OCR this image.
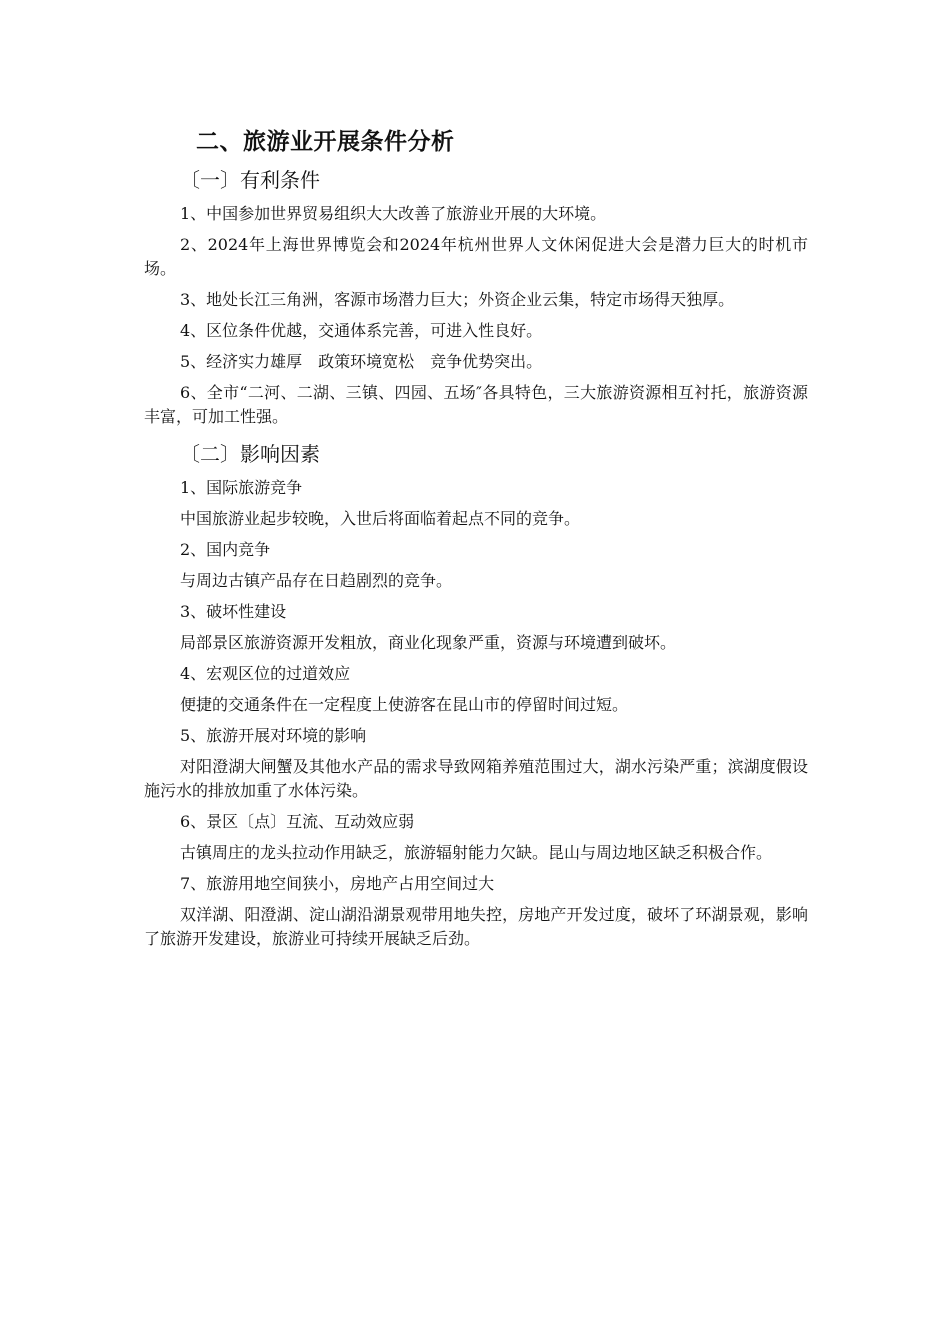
二、旅游业开展条件分析
〔一〕有利条件

1、中国参加世界贸易组织大大改善了旅游业开展的大环境。

2、2024年上海世界博览会和2024年杭州世界人文休闲促进大会是潜力巨大的时机市场。

3、地处长江三角洲，客源市场潜力巨大；外资企业云集，特定市场得天独厚。

4、区位条件优越，交通体系完善，可进入性良好。

5、经济实力雄厚　政策环境宽松　竞争优势突出。

6、全市“二河、二湖、三镇、四园、五场″各具特色，三大旅游资源相互衬托，旅游资源丰富，可加工性强。

〔二〕影响因素

1、国际旅游竞争

中国旅游业起步较晚，入世后将面临着起点不同的竞争。

2、国内竞争

与周边古镇产品存在日趋剧烈的竞争。

3、破坏性建设

局部景区旅游资源开发粗放，商业化现象严重，资源与环境遭到破坏。

4、宏观区位的过道效应

便捷的交通条件在一定程度上使游客在昆山市的停留时间过短。

5、旅游开展对环境的影响

对阳澄湖大闸蟹及其他水产品的需求导致网箱养殖范围过大，湖水污染严重；滨湖度假设施污水的排放加重了水体污染。

6、景区〔点〕互流、互动效应弱

古镇周庄的龙头拉动作用缺乏，旅游辐射能力欠缺。昆山与周边地区缺乏积极合作。

7、旅游用地空间狭小，房地产占用空间过大

双洋湖、阳澄湖、淀山湖沿湖景观带用地失控，房地产开发过度，破坏了环湖景观，影响了旅游开发建设，旅游业可持续开展缺乏后劲。
